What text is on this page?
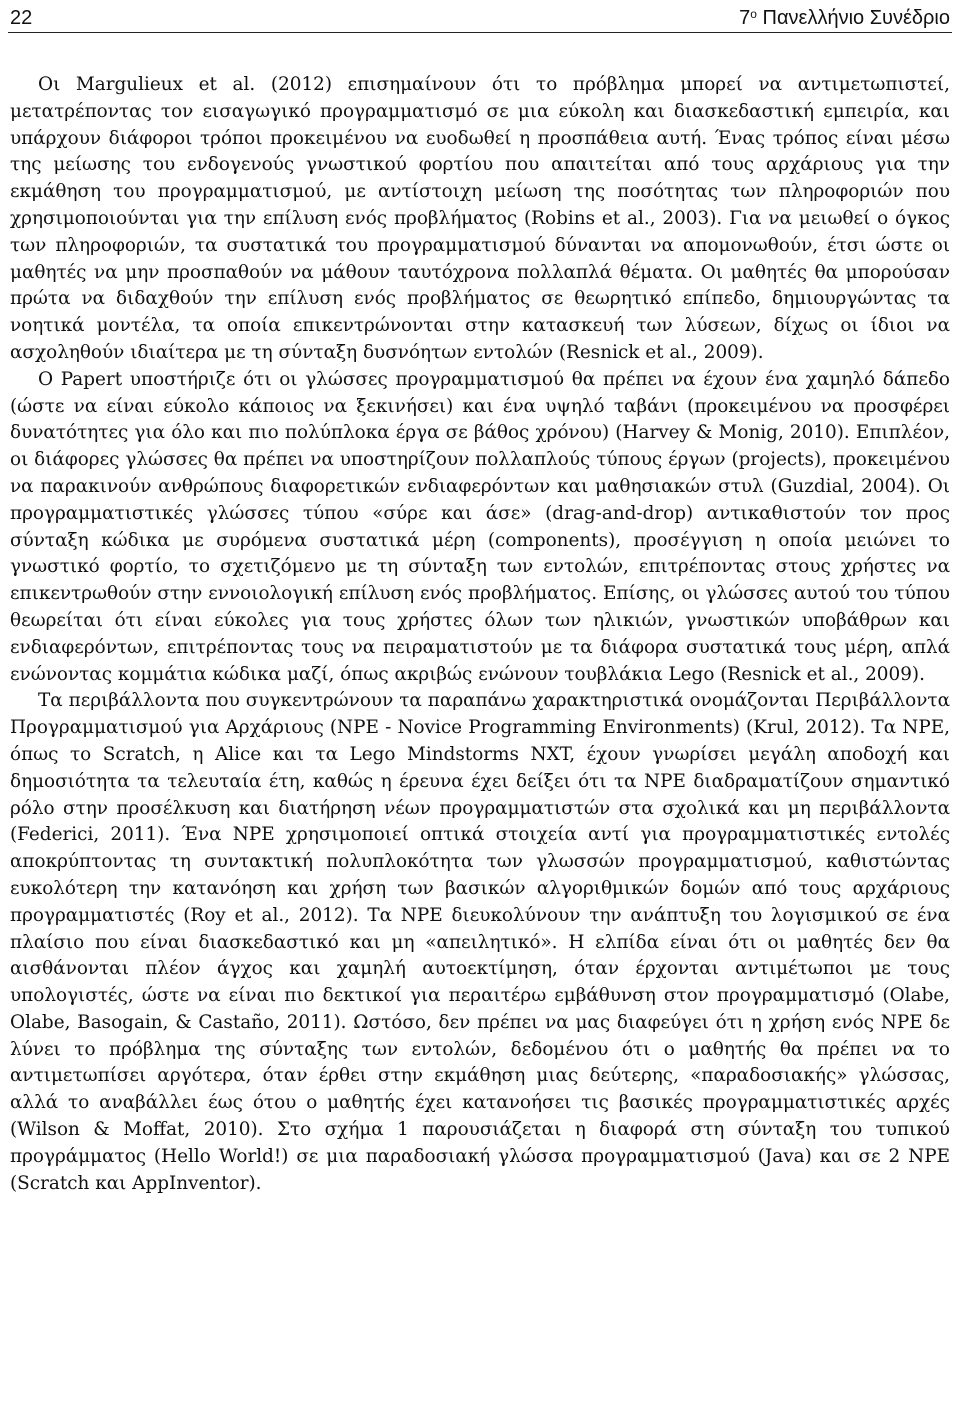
22	$7^o$ Πανελλήνιο Συνέδριο

Οι Margulieux et al. (2012) επισημαίνουν ότι το πρόβλημα μπορεί να αντιμετωπιστεί, μετατρέποντας τον εισαγωγικό προγραμματισμό σε μια εύκολη και διασκεδαστική εμπειρία, και υπάρχουν διάφοροι τρόποι προκειμένου να ευοδωθεί η προσπάθεια αυτή. Ένας τρόπος είναι μέσω της μείωσης του ενδογενούς γνωστικού φορτίου που απαιτείται από τους αρχάριους για την εκμάθηση του προγραμματισμού, με αντίστοιχη μείωση της ποσότητας των πληροφοριών που χρησιμοποιούνται για την επίλυση ενός προβλήματος (Robins et al., 2003). Για να μειωθεί ο όγκος των πληροφοριών, τα συστατικά του προγραμματισμού δύνανται να απομονωθούν, έτσι ώστε οι μαθητές να μην προσπαθούν να μάθουν ταυτόχρονα πολλαπλά θέματα. Οι μαθητές θα μπορούσαν πρώτα να διδαχθούν την επίλυση ενός προβλήματος σε θεωρητικό επίπεδο, δημιουργώντας τα νοητικά μοντέλα, τα οποία επικεντρώνονται στην κατασκευή των λύσεων, δίχως οι ίδιοι να ασχοληθούν ιδιαίτερα με τη σύνταξη δυσνόητων εντολών (Resnick et al., 2009).

Ο Papert υποστήριζε ότι οι γλώσσες προγραμματισμού θα πρέπει να έχουν ένα χαμηλό δάπεδο (ώστε να είναι εύκολο κάποιος να ξεκινήσει) και ένα υψηλό ταβάνι (προκειμένου να προσφέρει δυνατότητες για όλο και πιο πολύπλοκα έργα σε βάθος χρόνου) (Harvey & Monig, 2010). Επιπλέον, οι διάφορες γλώσσες θα πρέπει να υποστηρίζουν πολλαπλούς τύπους έργων (projects), προκειμένου να παρακινούν ανθρώπους διαφορετικών ενδιαφερόντων και μαθησιακών στυλ (Guzdial, 2004). Οι προγραμματιστικές γλώσσες τύπου «σύρε και άσε» (drag-and-drop) αντικαθιστούν τον προς σύνταξη κώδικα με συρόμενα συστατικά μέρη (components), προσέγγιση η οποία μειώνει το γνωστικό φορτίο, το σχετιζόμενο με τη σύνταξη των εντολών, επιτρέποντας στους χρήστες να επικεντρωθούν στην εννοιολογική επίλυση ενός προβλήματος. Επίσης, οι γλώσσες αυτού του τύπου θεωρείται ότι είναι εύκολες για τους χρήστες όλων των ηλικιών, γνωστικών υποβάθρων και ενδιαφερόντων, επιτρέποντας τους να πειραματιστούν με τα διάφορα συστατικά τους μέρη, απλά ενώνοντας κομμάτια κώδικα μαζί, όπως ακριβώς ενώνουν τουβλάκια Lego (Resnick et al., 2009).

Τα περιβάλλοντα που συγκεντρώνουν τα παραπάνω χαρακτηριστικά ονομάζονται Περιβάλλοντα Προγραμματισμού για Αρχάριους (NPE - Novice Programming Environments) (Krul, 2012). Τα NPE, όπως το Scratch, η Alice και τα Lego Mindstorms NXT, έχουν γνωρίσει μεγάλη αποδοχή και δημοσιότητα τα τελευταία έτη, καθώς η έρευνα έχει δείξει ότι τα NPE διαδραματίζουν σημαντικό ρόλο στην προσέλκυση και διατήρηση νέων προγραμματιστών στα σχολικά και μη περιβάλλοντα (Federici, 2011). Ένα NPE χρησιμοποιεί οπτικά στοιχεία αντί για προγραμματιστικές εντολές αποκρύπτοντας τη συντακτική πολυπλοκότητα των γλωσσών προγραμματισμού, καθιστώντας ευκολότερη την κατανόηση και χρήση των βασικών αλγοριθμικών δομών από τους αρχάριους προγραμματιστές (Roy et al., 2012). Τα NPE διευκολύνουν την ανάπτυξη του λογισμικού σε ένα πλαίσιο που είναι διασκεδαστικό και μη «απειλητικό». Η ελπίδα είναι ότι οι μαθητές δεν θα αισθάνονται πλέον άγχος και χαμηλή αυτοεκτίμηση, όταν έρχονται αντιμέτωποι με τους υπολογιστές, ώστε να είναι πιο δεκτικοί για περαιτέρω εμβάθυνση στον προγραμματισμό (Olabe, Olabe, Basogain, & Castaño, 2011). Ωστόσο, δεν πρέπει να μας διαφεύγει ότι η χρήση ενός NPE δε λύνει το πρόβλημα της σύνταξης των εντολών, δεδομένου ότι ο μαθητής θα πρέπει να το αντιμετωπίσει αργότερα, όταν έρθει στην εκμάθηση μιας δεύτερης, «παραδοσιακής» γλώσσας, αλλά το αναβάλλει έως ότου ο μαθητής έχει κατανοήσει τις βασικές προγραμματιστικές αρχές (Wilson & Moffat, 2010). Στο σχήμα 1 παρουσιάζεται η διαφορά στη σύνταξη του τυπικού προγράμματος (Hello World!) σε μια παραδοσιακή γλώσσα προγραμματισμού (Java) και σε 2 NPE (Scratch και AppInventor).
